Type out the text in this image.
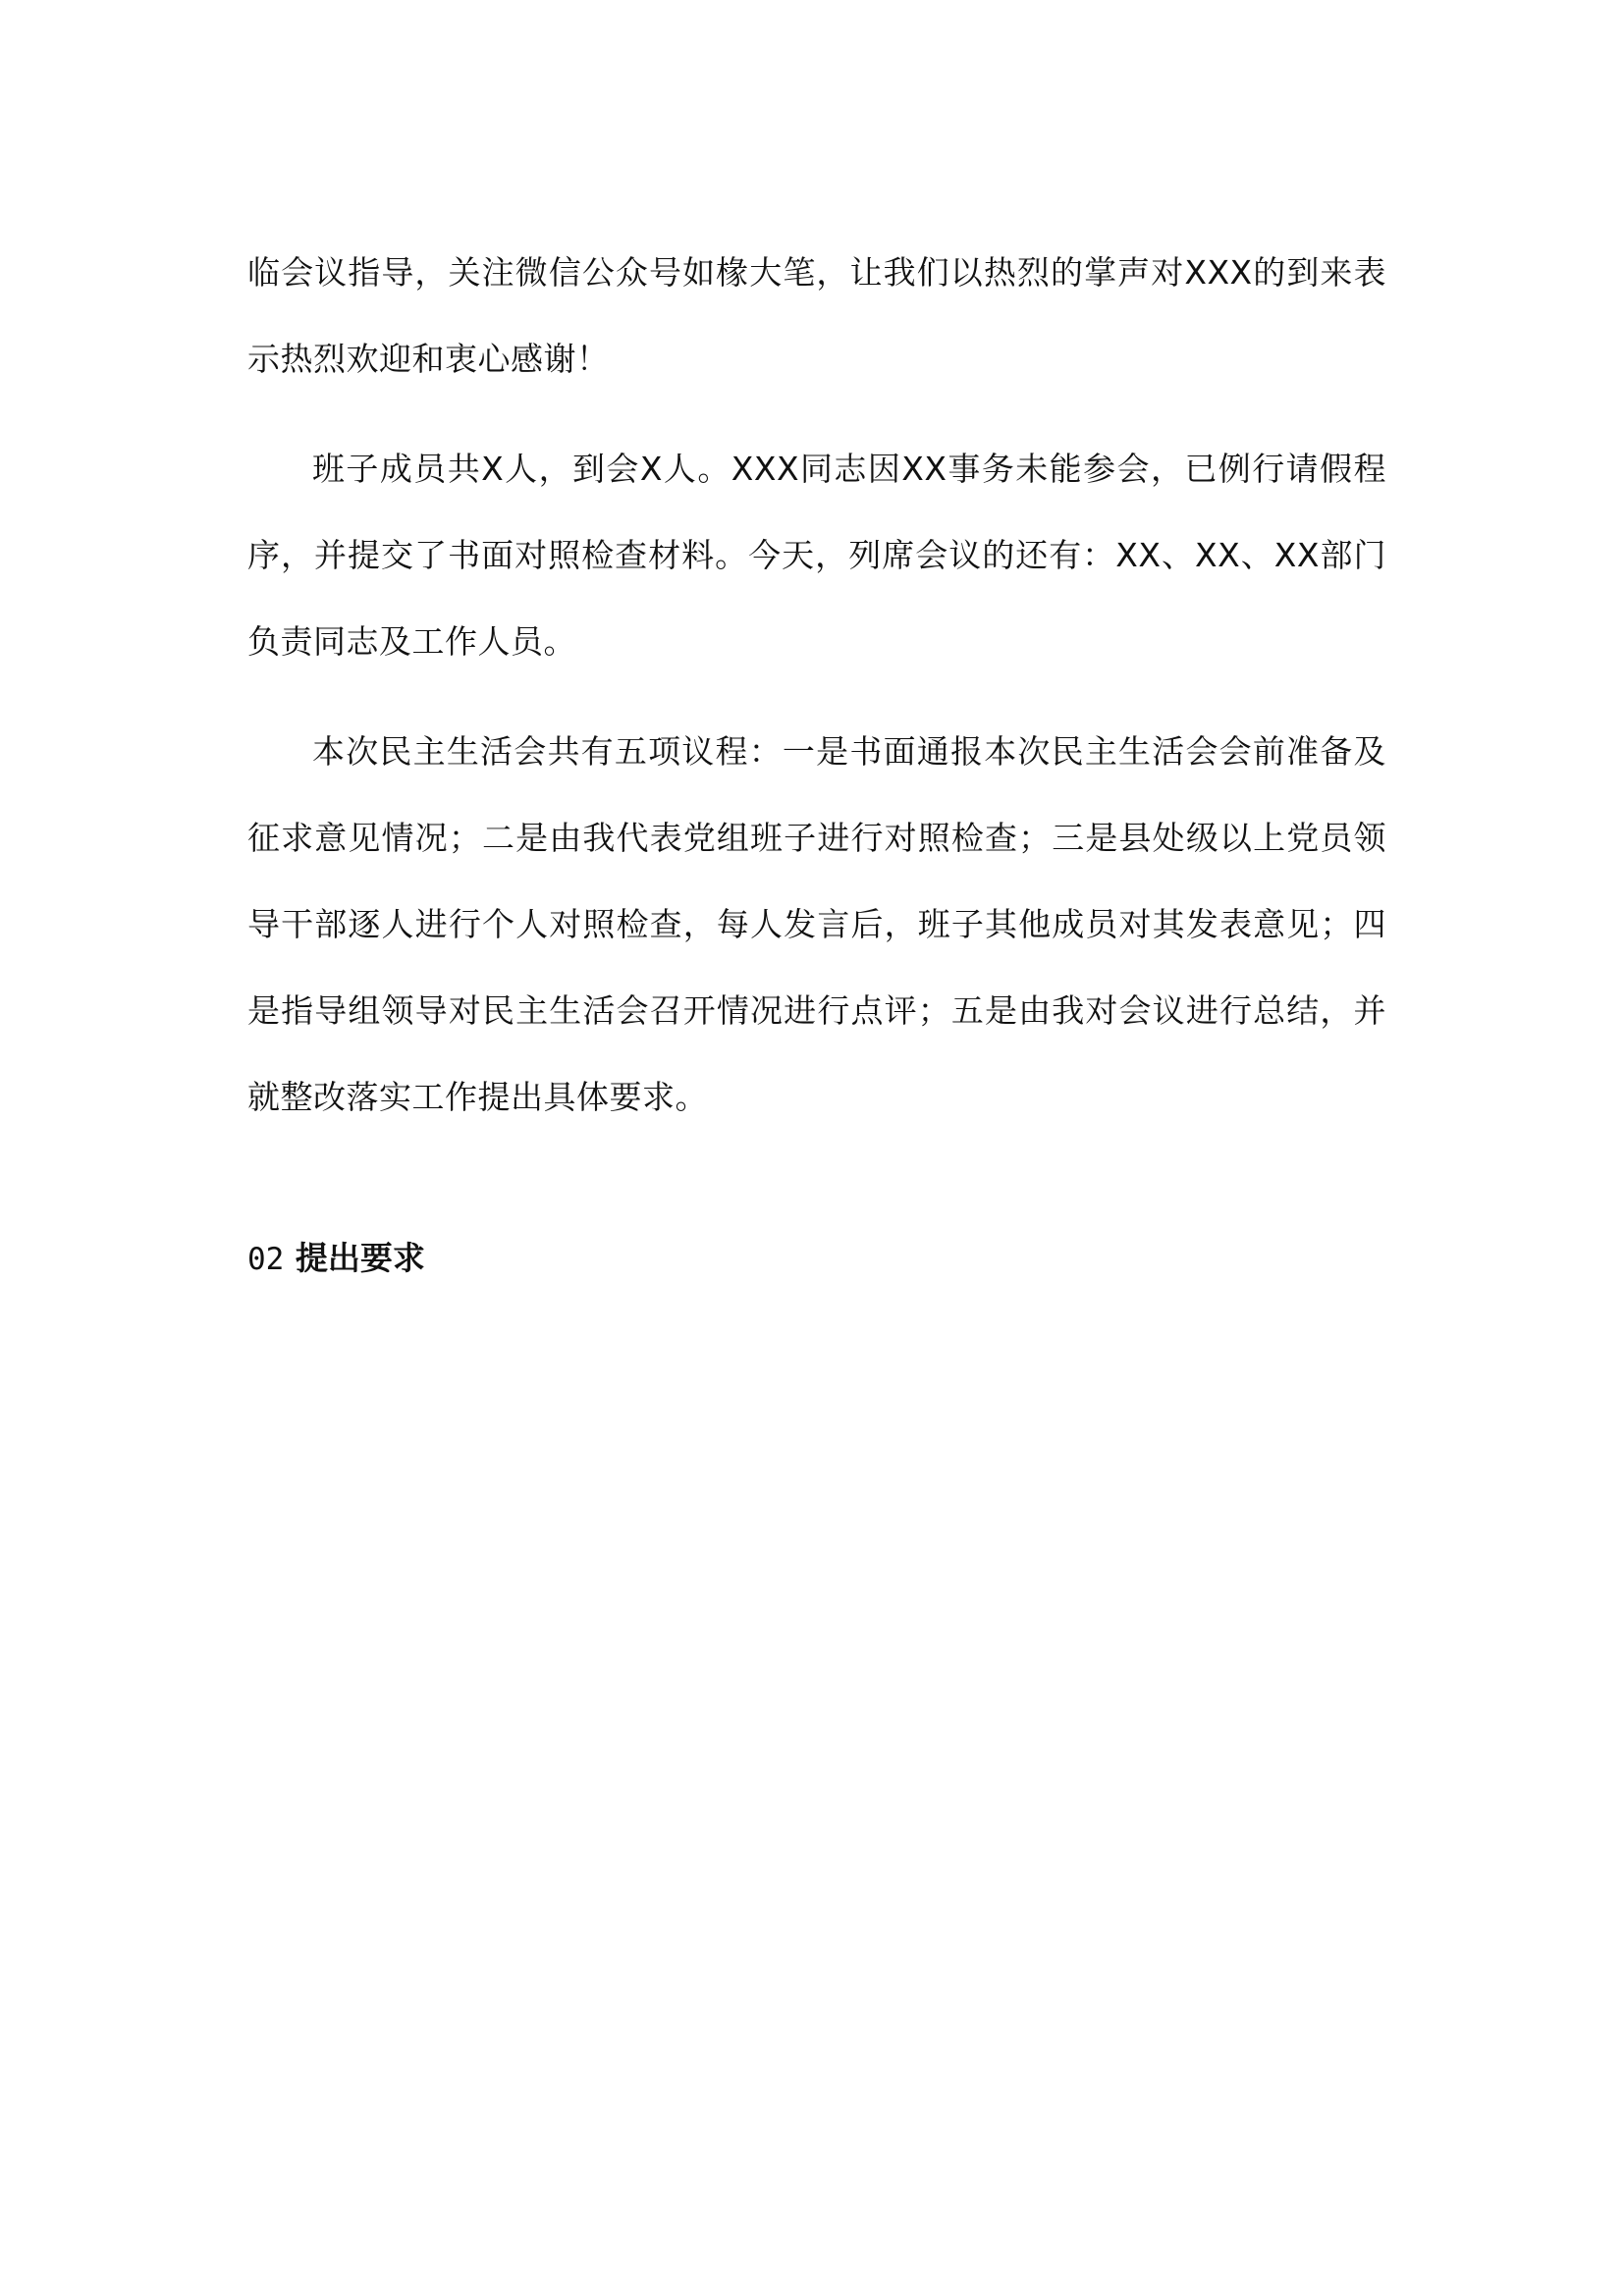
临会议指导，关注微信公众号如椽大笔，让我们以热烈的掌声对XXX的到来表示热烈欢迎和衷心感谢！

班子成员共X人，到会X人。XXX同志因XX事务未能参会，已例行请假程序，并提交了书面对照检查材料。今天，列席会议的还有：XX、XX、XX部门负责同志及工作人员。

本次民主生活会共有五项议程：一是书面通报本次民主生活会会前准备及征求意见情况；二是由我代表党组班子进行对照检查；三是县处级以上党员领导干部逐人进行个人对照检查，每人发言后，班子其他成员对其发表意见；四是指导组领导对民主生活会召开情况进行点评；五是由我对会议进行总结，并就整改落实工作提出具体要求。

02 提出要求
